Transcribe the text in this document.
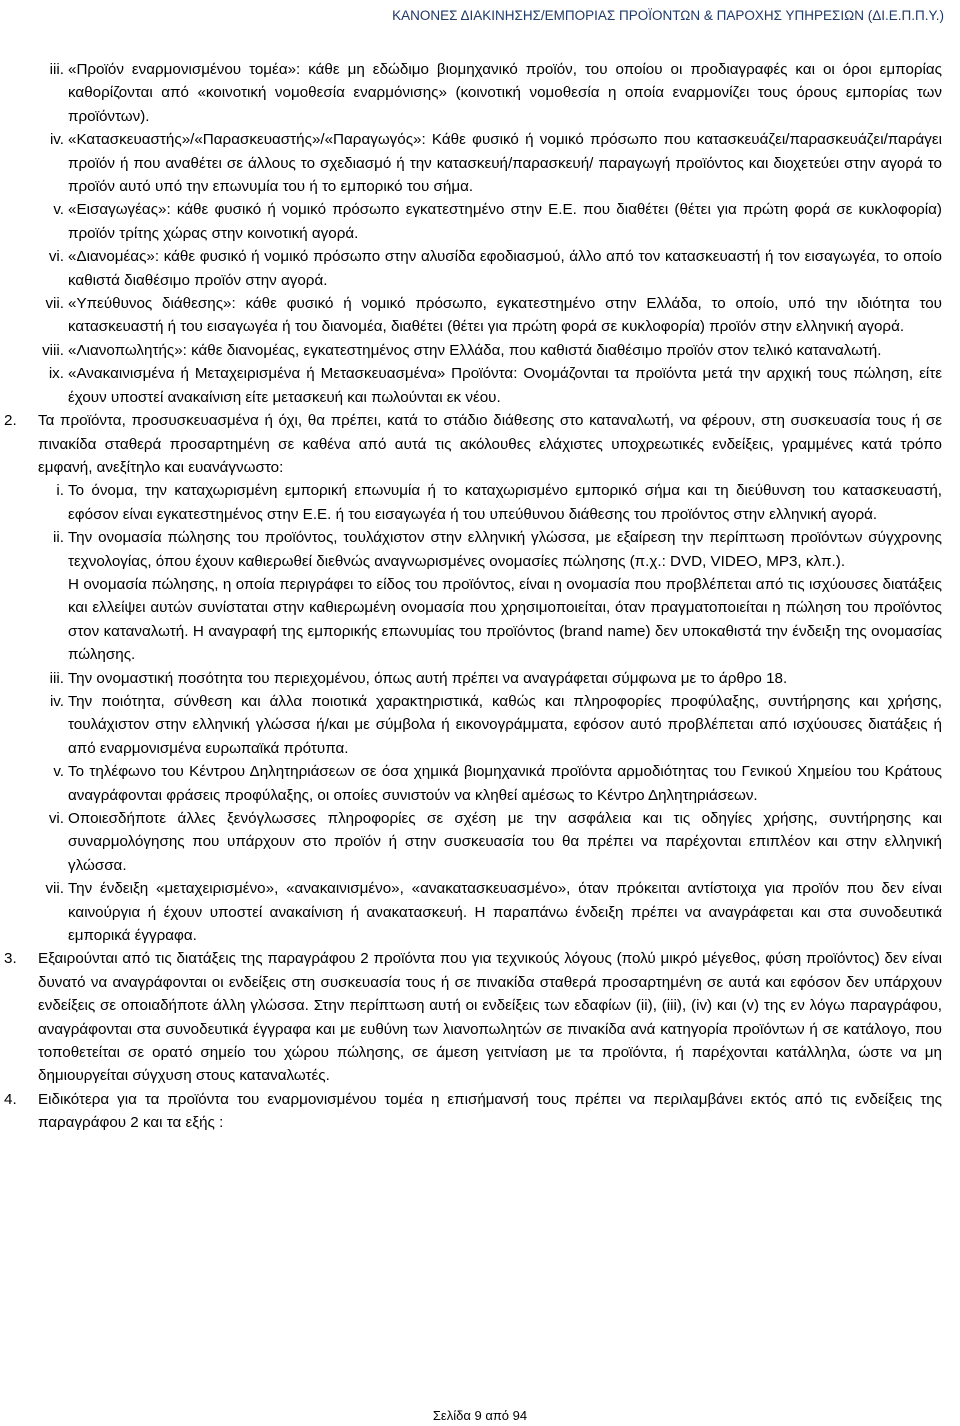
ΚΑΝΟΝΕΣ ΔΙΑΚΙΝΗΣΗΣ/ΕΜΠΟΡΙΑΣ ΠΡΟΪΟΝΤΩΝ & ΠΑΡΟΧΗΣ ΥΠΗΡΕΣΙΩΝ (ΔΙ.Ε.Π.Π.Υ.)
iii. «Προϊόν εναρμονισμένου τομέα»: κάθε μη εδώδιμο βιομηχανικό προϊόν, του οποίου οι προδιαγραφές και οι όροι εμπορίας καθορίζονται από «κοινοτική νομοθεσία εναρμόνισης» (κοινοτική νομοθεσία η οποία εναρμονίζει τους όρους εμπορίας των προϊόντων).
iv. «Κατασκευαστής»/«Παρασκευαστής»/«Παραγωγός»: Κάθε φυσικό ή νομικό πρόσωπο που κατασκευάζει/παρασκευάζει/παράγει προϊόν ή που αναθέτει σε άλλους το σχεδιασμό ή την κατασκευή/παρασκευή/ παραγωγή προϊόντος και διοχετεύει στην αγορά το προϊόν αυτό υπό την επωνυμία του ή το εμπορικό του σήμα.
v. «Εισαγωγέας»: κάθε φυσικό ή νομικό πρόσωπο εγκατεστημένο στην Ε.Ε. που διαθέτει (θέτει για πρώτη φορά σε κυκλοφορία) προϊόν τρίτης χώρας στην κοινοτική αγορά.
vi. «Διανομέας»: κάθε φυσικό ή νομικό πρόσωπο στην αλυσίδα εφοδιασμού, άλλο από τον κατασκευαστή ή τον εισαγωγέα, το οποίο καθιστά διαθέσιμο προϊόν στην αγορά.
vii. «Υπεύθυνος διάθεσης»: κάθε φυσικό ή νομικό πρόσωπο, εγκατεστημένο στην Ελλάδα, το οποίο, υπό την ιδιότητα του κατασκευαστή ή του εισαγωγέα ή του διανομέα, διαθέτει (θέτει για πρώτη φορά σε κυκλοφορία) προϊόν στην ελληνική αγορά.
viii. «Λιανοπωλητής»: κάθε διανομέας, εγκατεστημένος στην Ελλάδα, που καθιστά διαθέσιμο προϊόν στον τελικό καταναλωτή.
ix. «Ανακαινισμένα ή Μεταχειρισμένα ή Μετασκευασμένα» Προϊόντα: Ονομάζονται τα προϊόντα μετά την αρχική τους πώληση, είτε έχουν υποστεί ανακαίνιση είτε μετασκευή και πωλούνται εκ νέου.
2. Τα προϊόντα, προσυσκευασμένα ή όχι, θα πρέπει, κατά το στάδιο διάθεσης στο καταναλωτή, να φέρουν, στη συσκευασία τους ή σε πινακίδα σταθερά προσαρτημένη σε καθένα από αυτά τις ακόλουθες ελάχιστες υποχρεωτικές ενδείξεις, γραμμένες κατά τρόπο εμφανή, ανεξίτηλο και ευανάγνωστο:
i. Το όνομα, την καταχωρισμένη εμπορική επωνυμία ή το καταχωρισμένο εμπορικό σήμα και τη διεύθυνση του κατασκευαστή, εφόσον είναι εγκατεστημένος στην Ε.Ε. ή του εισαγωγέα ή του υπεύθυνου διάθεσης του προϊόντος στην ελληνική αγορά.
ii. Την ονομασία πώλησης του προϊόντος, τουλάχιστον στην ελληνική γλώσσα, με εξαίρεση την περίπτωση προϊόντων σύγχρονης τεχνολογίας, όπου έχουν καθιερωθεί διεθνώς αναγνωρισμένες ονομασίες πώλησης (π.χ.: DVD, VIDEO, MP3, κλπ.).
Η ονομασία πώλησης, η οποία περιγράφει το είδος του προϊόντος, είναι η ονομασία που προβλέπεται από τις ισχύουσες διατάξεις και ελλείψει αυτών συνίσταται στην καθιερωμένη ονομασία που χρησιμοποιείται, όταν πραγματοποιείται η πώληση του προϊόντος στον καταναλωτή. Η αναγραφή της εμπορικής επωνυμίας του προϊόντος (brand name) δεν υποκαθιστά την ένδειξη της ονομασίας πώλησης.
iii. Την ονομαστική ποσότητα του περιεχομένου, όπως αυτή πρέπει να αναγράφεται σύμφωνα με το άρθρο 18.
iv. Την ποιότητα, σύνθεση και άλλα ποιοτικά χαρακτηριστικά, καθώς και πληροφορίες προφύλαξης, συντήρησης και χρήσης, τουλάχιστον στην ελληνική γλώσσα ή/και με σύμβολα ή εικονογράμματα, εφόσον αυτό προβλέπεται από ισχύουσες διατάξεις ή από εναρμονισμένα ευρωπαϊκά πρότυπα.
v. Το τηλέφωνο του Κέντρου Δηλητηριάσεων σε όσα χημικά βιομηχανικά προϊόντα αρμοδιότητας του Γενικού Χημείου του Κράτους αναγράφονται φράσεις προφύλαξης, οι οποίες συνιστούν να κληθεί αμέσως το Κέντρο Δηλητηριάσεων.
vi. Οποιεσδήποτε άλλες ξενόγλωσσες πληροφορίες σε σχέση με την ασφάλεια και τις οδηγίες χρήσης, συντήρησης και συναρμολόγησης που υπάρχουν στο προϊόν ή στην συσκευασία του θα πρέπει να παρέχονται επιπλέον και στην ελληνική γλώσσα.
vii. Την ένδειξη «μεταχειρισμένο», «ανακαινισμένο», «ανακατασκευασμένο», όταν πρόκειται αντίστοιχα για προϊόν που δεν είναι καινούργια ή έχουν υποστεί ανακαίνιση ή ανακατασκευή. Η παραπάνω ένδειξη πρέπει να αναγράφεται και στα συνοδευτικά εμπορικά έγγραφα.
3. Εξαιρούνται από τις διατάξεις της παραγράφου 2 προϊόντα που για τεχνικούς λόγους (πολύ μικρό μέγεθος, φύση προϊόντος) δεν είναι δυνατό να αναγράφονται οι ενδείξεις στη συσκευασία τους ή σε πινακίδα σταθερά προσαρτημένη σε αυτά και εφόσον δεν υπάρχουν ενδείξεις σε οποιαδήποτε άλλη γλώσσα. Στην περίπτωση αυτή οι ενδείξεις των εδαφίων (ii), (iii), (iv) και (v) της εν λόγω παραγράφου, αναγράφονται στα συνοδευτικά έγγραφα και με ευθύνη των λιανοπωλητών σε πινακίδα ανά κατηγορία προϊόντων ή σε κατάλογο, που τοποθετείται σε ορατό σημείο του χώρου πώλησης, σε άμεση γειτνίαση με τα προϊόντα, ή παρέχονται κατάλληλα, ώστε να μη δημιουργείται σύγχυση στους καταναλωτές.
4. Ειδικότερα για τα προϊόντα του εναρμονισμένου τομέα η επισήμανσή τους πρέπει να περιλαμβάνει εκτός από τις ενδείξεις της παραγράφου 2 και τα εξής :
Σελίδα 9 από 94
